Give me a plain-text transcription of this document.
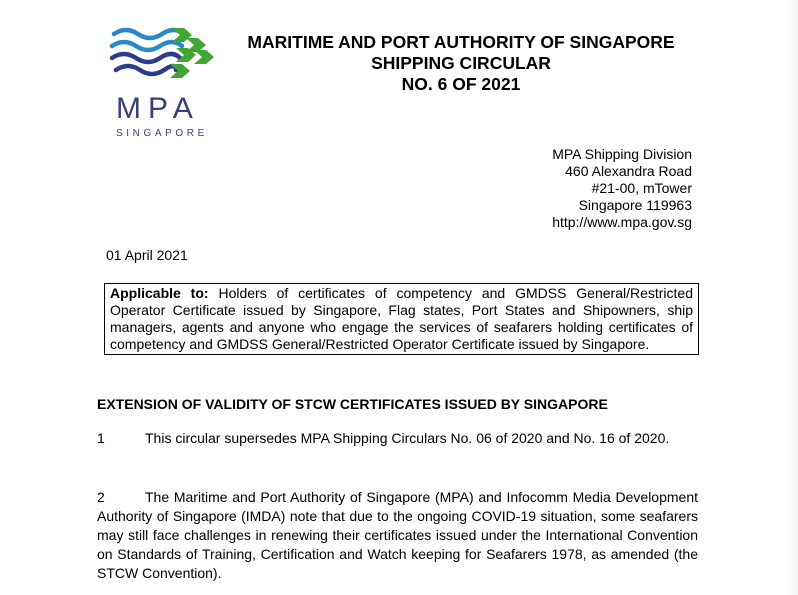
MPA
SINGAPORE
MARITIME AND PORT AUTHORITY OF SINGAPORE
SHIPPING CIRCULAR
NO. 6 OF 2021
MPA Shipping Division
460 Alexandra Road
#21-00, mTower
Singapore 119963
http://www.mpa.gov.sg
01 April 2021
Applicable to: Holders of certificates of competency and GMDSS General/Restricted Operator Certificate issued by Singapore, Flag states, Port States and Shipowners, ship managers, agents and anyone who engage the services of seafarers holding certificates of competency and GMDSS General/Restricted Operator Certificate issued by Singapore.
EXTENSION OF VALIDITY OF STCW CERTIFICATES ISSUED BY SINGAPORE
1	This circular supersedes MPA Shipping Circulars No. 06 of 2020 and No. 16 of 2020.
2	The Maritime and Port Authority of Singapore (MPA) and Infocomm Media Development Authority of Singapore (IMDA) note that due to the ongoing COVID-19 situation, some seafarers may still face challenges in renewing their certificates issued under the International Convention on Standards of Training, Certification and Watch keeping for Seafarers 1978, as amended (the STCW Convention).
